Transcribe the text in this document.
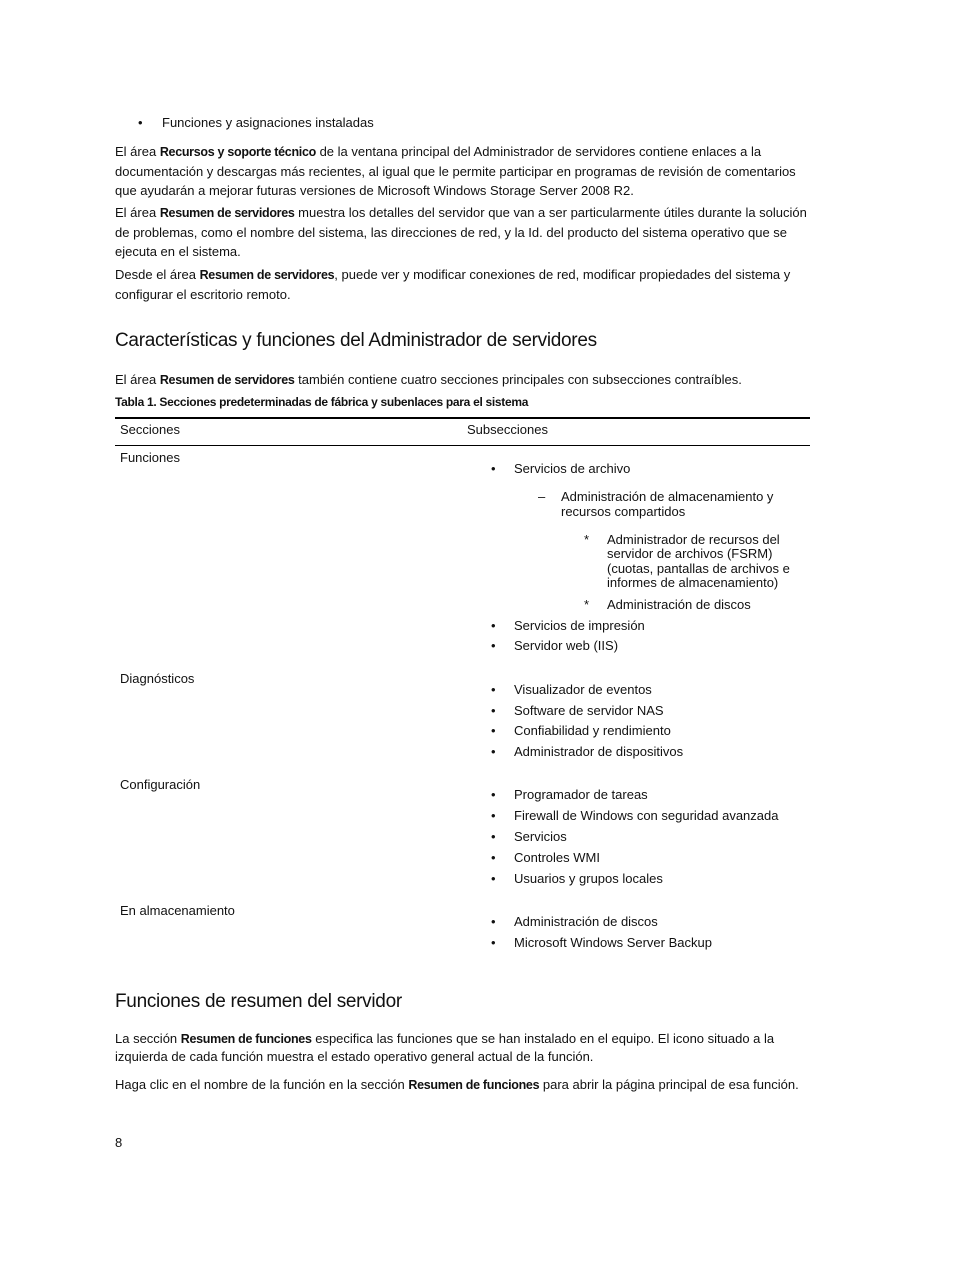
• Funciones y asignaciones instaladas

El área Recursos y soporte técnico de la ventana principal del Administrador de servidores contiene enlaces a la documentación y descargas más recientes, al igual que le permite participar en programas de revisión de comentarios que ayudarán a mejorar futuras versiones de Microsoft Windows Storage Server 2008 R2.

El área Resumen de servidores muestra los detalles del servidor que van a ser particularmente útiles durante la solución de problemas, como el nombre del sistema, las direcciones de red, y la Id. del producto del sistema operativo que se ejecuta en el sistema.

Desde el área Resumen de servidores, puede ver y modificar conexiones de red, modificar propiedades del sistema y configurar el escritorio remoto.

Características y funciones del Administrador de servidores

El área Resumen de servidores también contiene cuatro secciones principales con subsecciones contraíbles.

Tabla 1. Secciones predeterminadas de fábrica y subenlaces para el sistema
Secciones	Subsecciones
Funciones
•	Servicios de archivo
–	Administración de almacenamiento y recursos compartidos
*	Administrador de recursos del servidor de archivos (FSRM) (cuotas, pantallas de archivos e informes de almacenamiento)
*	Administración de discos
•	Servicios de impresión
•	Servidor web (IIS)
Diagnósticos
•	Visualizador de eventos
•	Software de servidor NAS
•	Confiabilidad y rendimiento
•	Administrador de dispositivos
Configuración
•	Programador de tareas
•	Firewall de Windows con seguridad avanzada
•	Servicios
•	Controles WMI
•	Usuarios y grupos locales
En almacenamiento
•	Administración de discos
•	Microsoft Windows Server Backup
Funciones de resumen del servidor

La sección Resumen de funciones especifica las funciones que se han instalado en el equipo. El icono situado a la izquierda de cada función muestra el estado operativo general actual de la función.

Haga clic en el nombre de la función en la sección Resumen de funciones para abrir la página principal de esa función.

8
